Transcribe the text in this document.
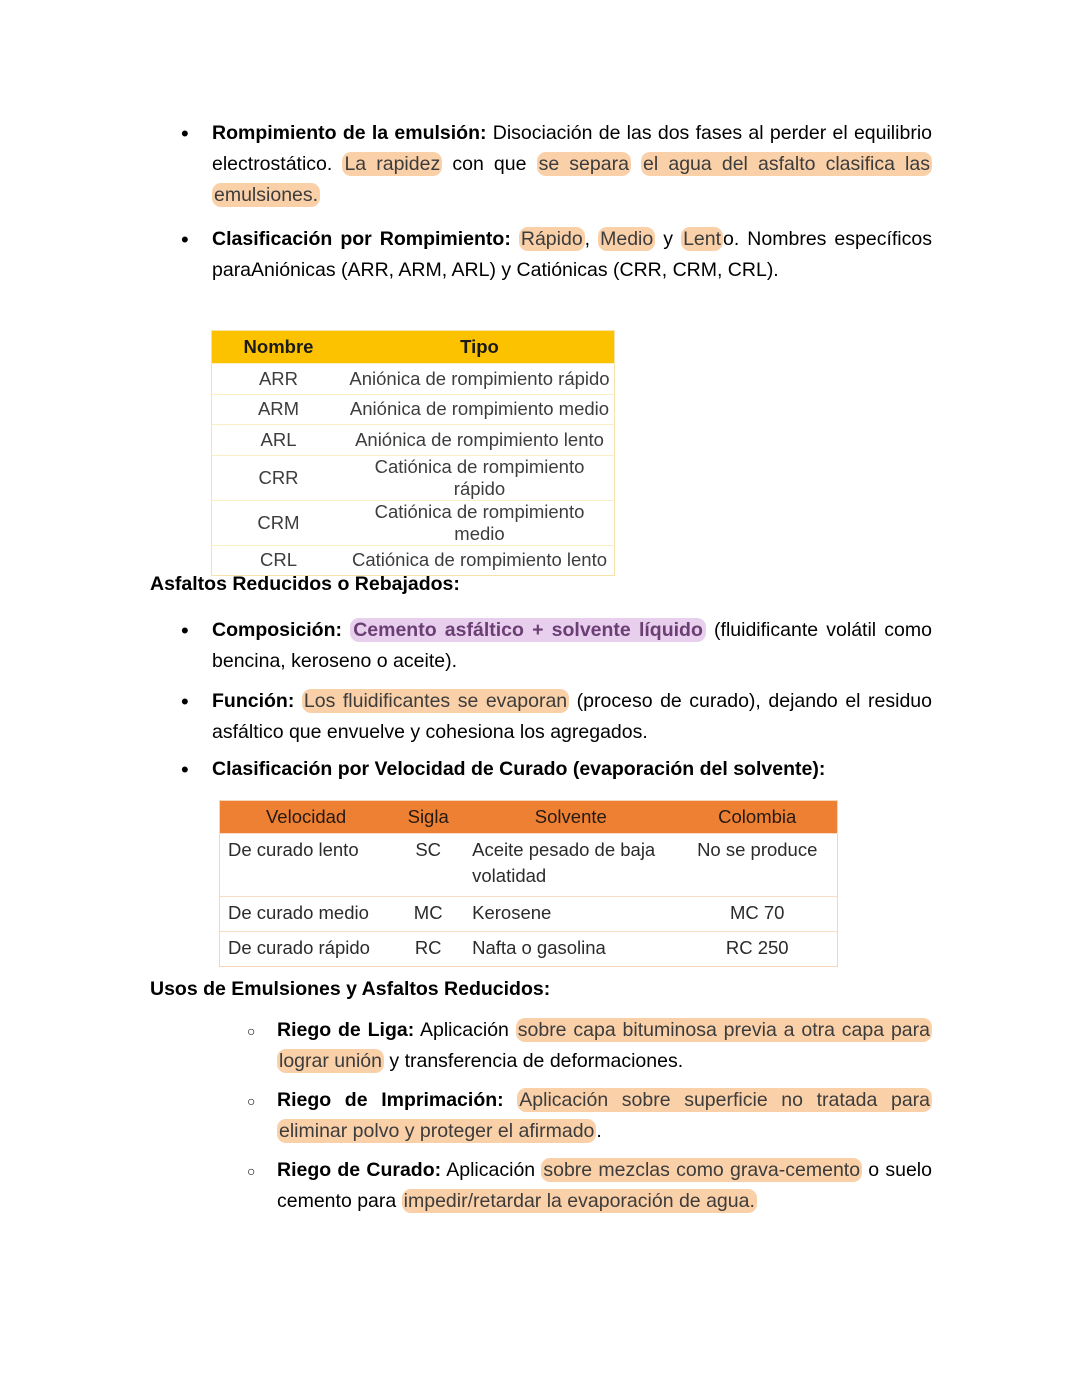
•
Rompimiento de la emulsión: Disociación de las dos fases al perder el equilibrio electrostático. La rapidez con que se separa el agua del asfalto clasifica las emulsiones.
•
Clasificación por Rompimiento: Rápido , Medio y Lent o. Nombres específicos paraAniónicas (ARR, ARM, ARL) y Catiónicas (CRR, CRM, CRL).
Nombre	Tipo
ARR	Aniónica de rompimiento rápido
ARM	Aniónica de rompimiento medio
ARL	Aniónica de rompimiento lento
CRR	Catiónica de rompimiento rápido
CRM	Catiónica de rompimiento medio
CRL	Catiónica de rompimiento lento
Asfaltos Reducidos o Rebajados:
•
Composición: Cemento asfáltico + solvente líquido (fluidificante volátil como bencina, keroseno o aceite).
•
Función: Los fluidificantes se evaporan (proceso de curado), dejando el residuo asfáltico que envuelve y cohesiona los agregados.
•
Clasificación por Velocidad de Curado (evaporación del solvente):
Velocidad	Sigla	Solvente	Colombia
De curado lento	SC	Aceite pesado de baja volatidad	No se produce
De curado medio	MC	Kerosene	MC 70
De curado rápido	RC	Nafta o gasolina	RC 250
Usos de Emulsiones y Asfaltos Reducidos:
○
Riego de Liga: Aplicación sobre capa bituminosa previa a otra capa para lograr unión y transferencia de deformaciones.
○
Riego de Imprimación: Aplicación sobre superficie no tratada para eliminar polvo y proteger el afirmado .
○
Riego de Curado: Aplicación sobre mezclas como grava-cemento o suelo cemento para impedir/retardar la evaporación de agua.
